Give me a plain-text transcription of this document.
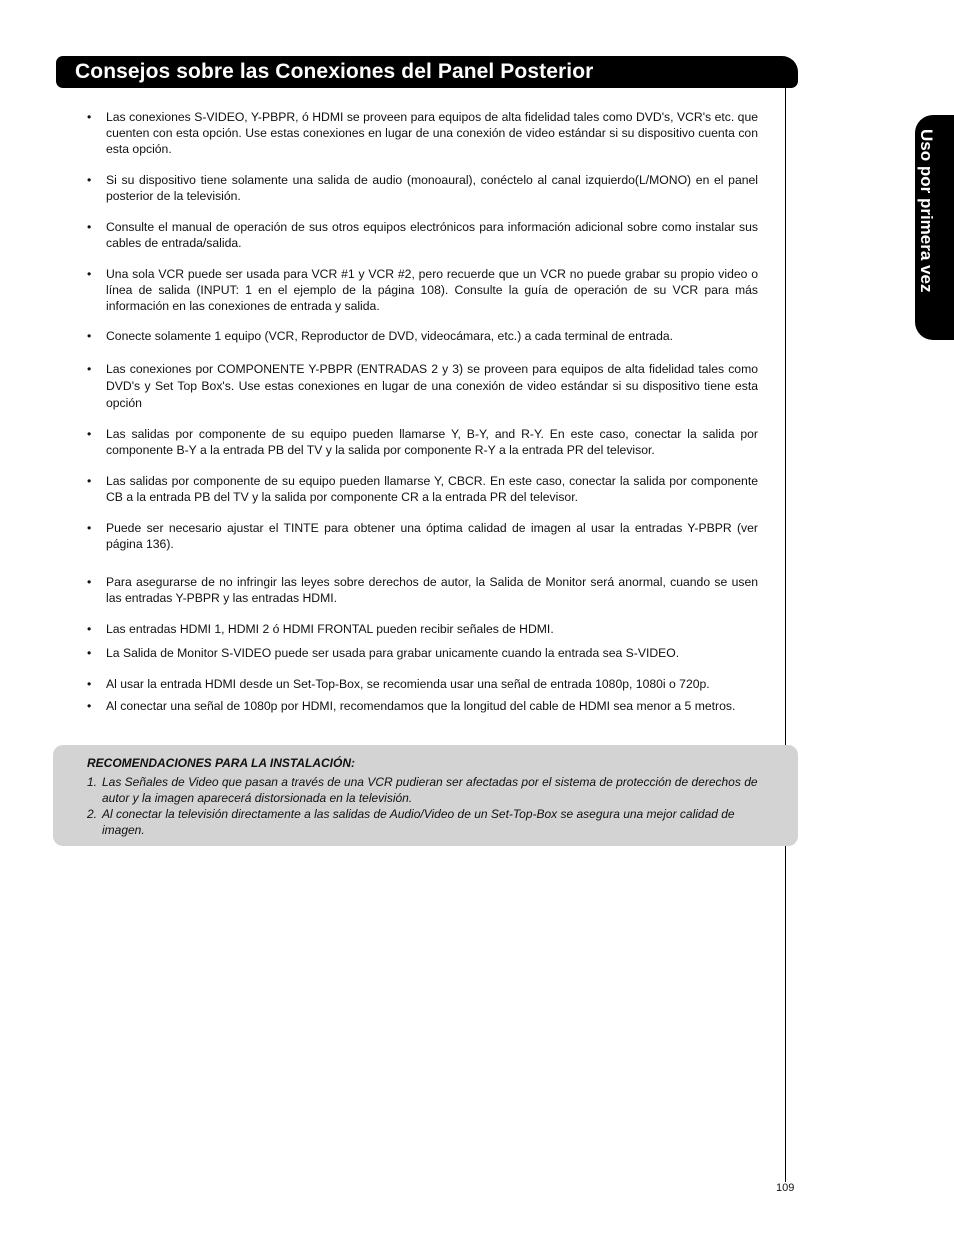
Consejos sobre las Conexiones del Panel Posterior
Uso por primera vez
• Las conexiones S-VIDEO, Y-PBPR, ó HDMI se proveen para equipos de alta fidelidad tales como DVD's, VCR's etc. que cuenten con esta opción. Use estas conexiones en lugar de una conexión de video estándar si su dispositivo cuenta con esta opción.
• Si su dispositivo tiene solamente una salida de audio (monoaural), conéctelo al canal izquierdo(L/MONO) en el panel posterior de la televisión.
• Consulte el manual de operación de sus otros equipos electrónicos para información adicional sobre como instalar sus cables de entrada/salida.
• Una sola VCR puede ser usada para VCR #1 y VCR #2, pero recuerde que un VCR no puede grabar su propio video o línea de salida (INPUT: 1 en el ejemplo de la página 108). Consulte la guía de operación de su VCR para más información en las conexiones de entrada y salida.
• Conecte solamente 1 equipo (VCR, Reproductor de DVD, videocámara, etc.) a cada terminal de entrada.
• Las conexiones por COMPONENTE Y-PBPR (ENTRADAS 2 y 3) se proveen para equipos de alta fidelidad tales como DVD's y Set Top Box's. Use estas conexiones en lugar de una conexión de video estándar si su dispositivo tiene esta opción
• Las salidas por componente de su equipo pueden llamarse Y, B-Y, and R-Y. En este caso, conectar la salida por componente B-Y a la entrada PB del TV y la salida por componente R-Y a la entrada PR del televisor.
• Las salidas por componente de su equipo pueden llamarse Y, CBCR. En este caso, conectar la salida por componente CB a la entrada PB del TV y la salida por componente CR a la entrada PR del televisor.
• Puede ser necesario ajustar el TINTE para obtener una óptima calidad de imagen al usar la entradas Y-PBPR (ver página 136).
• Para asegurarse de no infringir las leyes sobre derechos de autor, la Salida de Monitor será anormal, cuando se usen las entradas Y-PBPR y las entradas HDMI.
• Las entradas HDMI 1, HDMI 2 ó HDMI FRONTAL pueden recibir señales de HDMI.
• La Salida de Monitor S-VIDEO puede ser usada para grabar unicamente cuando la entrada sea S-VIDEO.
• Al usar la entrada HDMI desde un Set-Top-Box, se recomienda usar una señal de entrada 1080p, 1080i o 720p.
• Al conectar una señal de 1080p por HDMI, recomendamos que la longitud del cable de HDMI sea menor a 5 metros.
RECOMENDACIONES PARA LA INSTALACIÓN:
1. Las Señales de Video que pasan a través de una VCR pudieran ser afectadas por el sistema de protección de derechos de autor y la imagen aparecerá distorsionada en la televisión.
2. Al conectar la televisión directamente a las salidas de Audio/Video de un Set-Top-Box se asegura una mejor calidad de imagen.
109
